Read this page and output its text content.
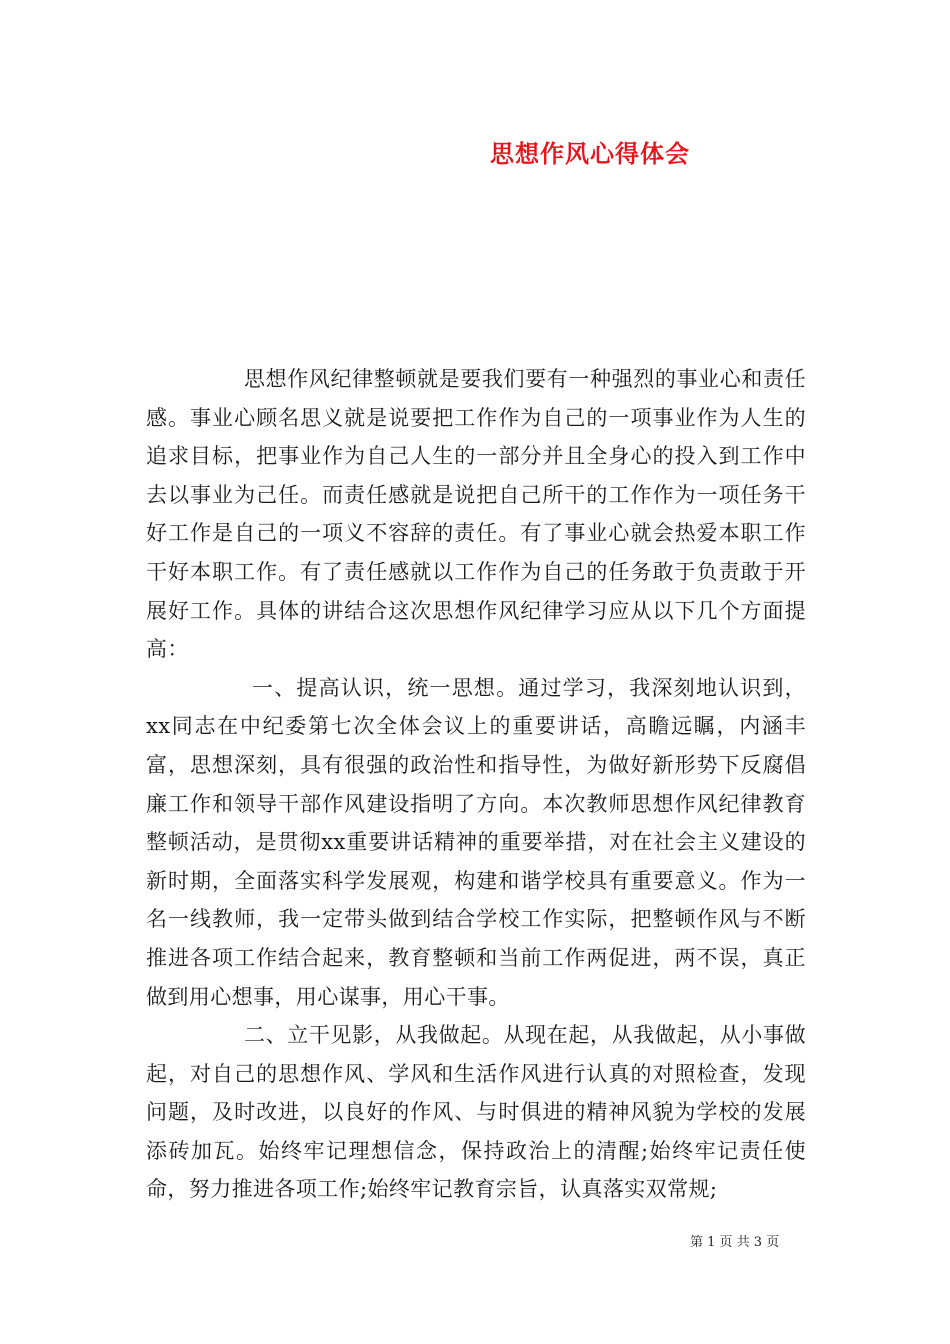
思想作风心得体会

思想作风纪律整顿就是要我们要有一种强烈的事业心和责任感。事业心顾名思义就是说要把工作作为自己的一项事业作为人生的追求目标，把事业作为自己人生的一部分并且全身心的投入到工作中去以事业为己任。而责任感就是说把自己所干的工作作为一项任务干好工作是自己的一项义不容辞的责任。有了事业心就会热爱本职工作干好本职工作。有了责任感就以工作作为自己的任务敢于负责敢于开展好工作。具体的讲结合这次思想作风纪律学习应从以下几个方面提高：

一、提高认识，统一思想。通过学习，我深刻地认识到，xx同志在中纪委第七次全体会议上的重要讲话，高瞻远瞩，内涵丰富，思想深刻，具有很强的政治性和指导性，为做好新形势下反腐倡廉工作和领导干部作风建设指明了方向。本次教师思想作风纪律教育整顿活动，是贯彻xx重要讲话精神的重要举措，对在社会主义建设的新时期，全面落实科学发展观，构建和谐学校具有重要意义。作为一名一线教师，我一定带头做到结合学校工作实际，把整顿作风与不断推进各项工作结合起来，教育整顿和当前工作两促进，两不误，真正做到用心想事，用心谋事，用心干事。

二、立干见影，从我做起。从现在起，从我做起，从小事做起，对自己的思想作风、学风和生活作风进行认真的对照检查，发现问题，及时改进，以良好的作风、与时俱进的精神风貌为学校的发展添砖加瓦。始终牢记理想信念，保持政治上的清醒;始终牢记责任使命，努力推进各项工作;始终牢记教育宗旨，认真落实双常规;

第 1 页 共 3 页
